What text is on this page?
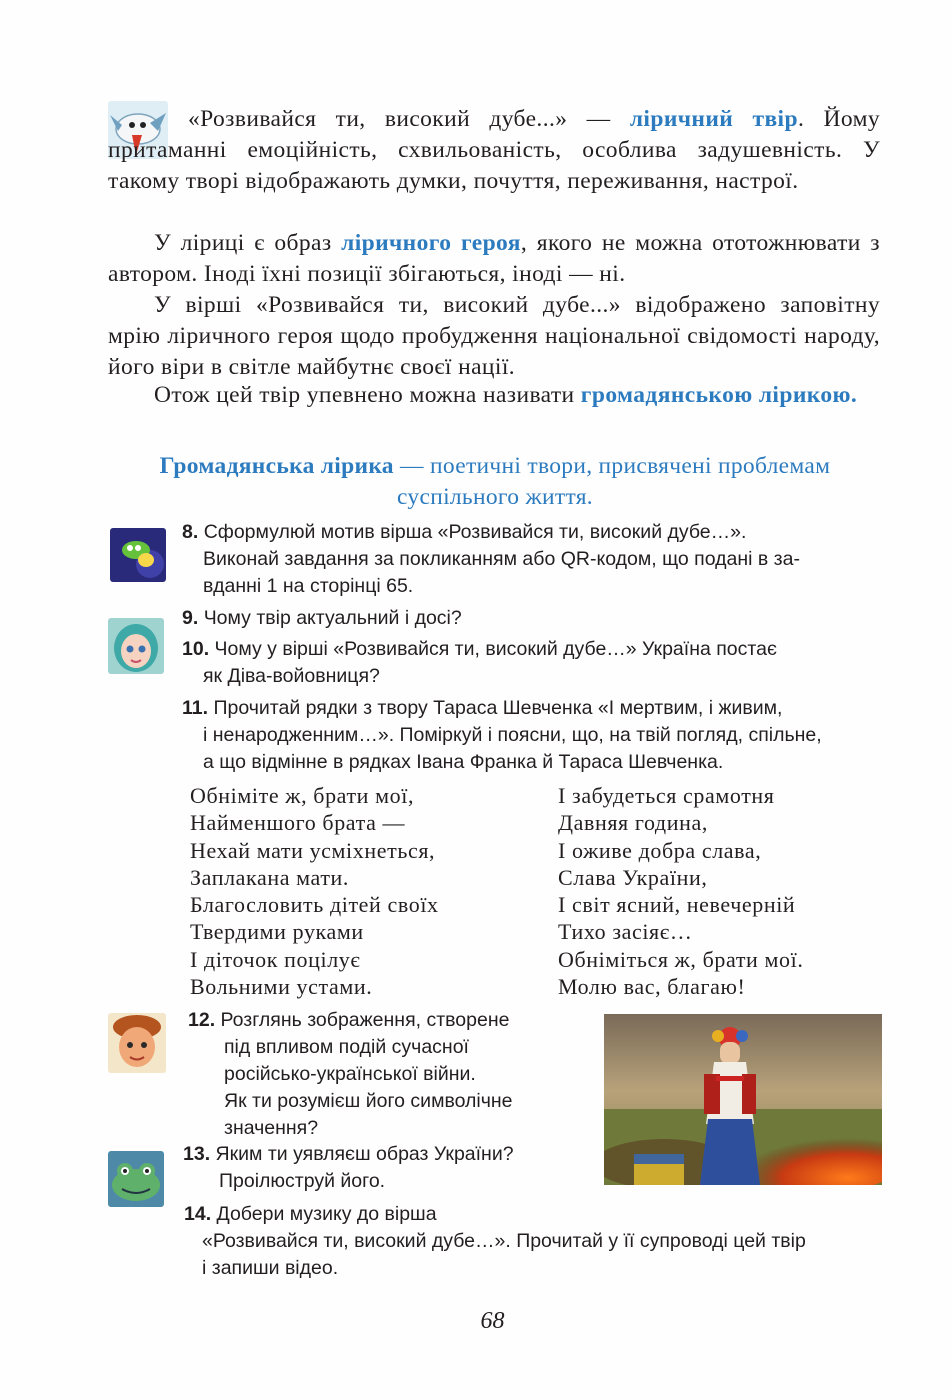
«Розвивайся ти, високий дубе...» — ліричний твір. Йому притаманні емоційність, схвильованість, особлива задушевність. У такому творі відображають думки, почуття, переживання, настрої.
У ліриці є образ ліричного героя, якого не можна ототожнювати з автором. Іноді їхні позиції збігаються, іноді — ні.
У вірші «Розвивайся ти, високий дубе...» відображено заповітну мрію ліричного героя щодо пробудження національної свідомості народу, його віри в світле майбутнє своєї нації.
Отож цей твір упевнено можна називати громадянською лірикою.
Громадянська лірика — поетичні твори, присвячені проблемам суспільного життя.
8. Сформулюй мотив вірша «Розвивайся ти, високий дубе…».
Виконай завдання за покликанням або QR-кодом, що подані в за-
вданні 1 на сторінці 65.
9. Чому твір актуальний і досі?
10. Чому у вірші «Розвивайся ти, високий дубе…» Україна постає
як Діва-войовниця?
11. Прочитай рядки з твору Тараса Шевченка «І мертвим, і живим,
і ненародженним…». Поміркуй і поясни, що, на твій погляд, спільне,
а що відмінне в рядках Івана Франка й Тараса Шевченка.
Обніміте ж, брати мої,
Найменшого брата —
Нехай мати усміхнеться,
Заплакана мати.
Благословить дітей своїх
Твердими руками
І діточок поцілує
Вольними устами.
І забудеться срамотня
Давняя година,
І оживе добра слава,
Слава України,
І світ ясний, невечерній
Тихо засіяє…
Обніміться ж, брати мої.
Молю вас, благаю!
12. Розглянь зображення, створене
під впливом подій сучасної
російсько-української війни.
Як ти розумієш його символічне
значення?
13. Яким ти уявляєш образ України?
Проілюструй його.
14. Добери музику до вірша
«Розвивайся ти, високий дубе…». Прочитай у її супроводі цей твір
і запиши відео.
68
